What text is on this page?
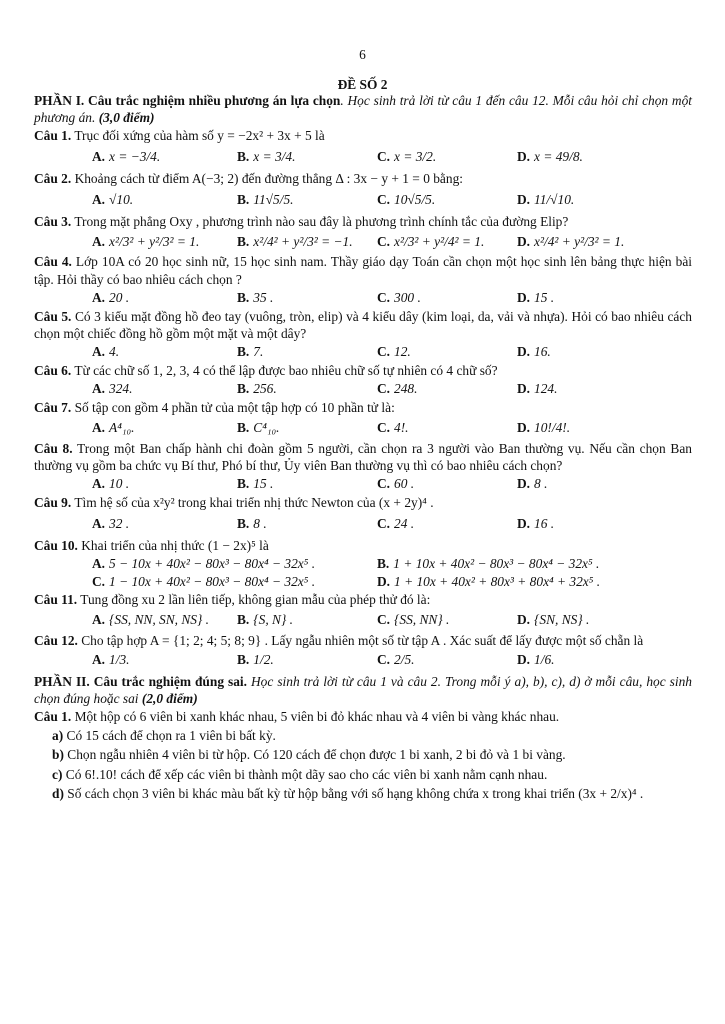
6
ĐỀ SỐ 2

PHẦN I. Câu trắc nghiệm nhiều phương án lựa chọn. Học sinh trả lời từ câu 1 đến câu 12. Mỗi câu hỏi chỉ chọn một phương án. (3,0 điểm)

Câu 1. Trục đối xứng của hàm số y = −2x² + 3x + 5 là

A. x = −3/4.	B. x = 3/4.	C. x = 3/2.	D. x = 49/8.

Câu 2. Khoảng cách từ điểm A(−3; 2) đến đường thẳng Δ : 3x − y + 1 = 0 bằng:

A. √10.	B. 11√5/5.	C. 10√5/5.	D. 11/√10.

Câu 3. Trong mặt phẳng Oxy , phương trình nào sau đây là phương trình chính tắc của đường Elip?

A. x²/3² + y²/3² = 1.	B. x²/4² + y²/3² = −1.	C. x²/3² + y²/4² = 1.	D. x²/4² + y²/3² = 1.

Câu 4. Lớp 10A có 20 học sinh nữ, 15 học sinh nam. Thầy giáo dạy Toán cần chọn một học sinh lên bảng thực hiện bài tập. Hỏi thầy có bao nhiêu cách chọn ?

A. 20 .	B. 35 .	C. 300 .	D. 15 .

Câu 5. Có 3 kiểu mặt đồng hồ đeo tay (vuông, tròn, elip) và 4 kiểu dây (kim loại, da, vải và nhựa). Hỏi có bao nhiêu cách chọn một chiếc đồng hồ gồm một mặt và một dây?

A. 4.	B. 7.	C. 12.	D. 16.

Câu 6. Từ các chữ số 1, 2, 3, 4 có thể lập được bao nhiêu chữ số tự nhiên có 4 chữ số?

A. 324.	B. 256.	C. 248.	D. 124.

Câu 7. Số tập con gồm 4 phần tử của một tập hợp có 10 phần tử là:

A. A⁴₁₀.	B. C⁴₁₀.	C. 4!.	D. 10!/4!.

Câu 8. Trong một Ban chấp hành chi đoàn gồm 5 người, cần chọn ra 3 người vào Ban thường vụ. Nếu cần chọn Ban thường vụ gồm ba chức vụ Bí thư, Phó bí thư, Ủy viên Ban thường vụ thì có bao nhiêu cách chọn?

A. 10 .	B. 15 .	C. 60 .	D. 8 .

Câu 9. Tìm hệ số của x²y² trong khai triển nhị thức Newton của (x + 2y)⁴ .

A. 32 .	B. 8 .	C. 24 .	D. 16 .

Câu 10. Khai triển của nhị thức (1 − 2x)⁵ là

A. 5 − 10x + 40x² − 80x³ − 80x⁴ − 32x⁵ .	B. 1 + 10x + 40x² − 80x³ − 80x⁴ − 32x⁵ .
C. 1 − 10x + 40x² − 80x³ − 80x⁴ − 32x⁵ .	D. 1 + 10x + 40x² + 80x³ + 80x⁴ + 32x⁵ .

Câu 11. Tung đồng xu 2 lần liên tiếp, không gian mẫu của phép thử đó là:

A. {SS, NN, SN, NS} .	B. {S, N} .	C. {SS, NN} .	D. {SN, NS} .

Câu 12. Cho tập hợp A = {1; 2; 4; 5; 8; 9} . Lấy ngẫu nhiên một số từ tập A . Xác suất để lấy được một số chẵn là

A. 1/3.	B. 1/2.	C. 2/5.	D. 1/6.

PHẦN II. Câu trắc nghiệm đúng sai. Học sinh trả lời từ câu 1 và câu 2. Trong mỗi ý a), b), c), d) ở mỗi câu, học sinh chọn đúng hoặc sai (2,0 điểm)

Câu 1. Một hộp có 6 viên bi xanh khác nhau, 5 viên bi đỏ khác nhau và 4 viên bi vàng khác nhau.

a) Có 15 cách để chọn ra 1 viên bi bất kỳ.

b) Chọn ngẫu nhiên 4 viên bi từ hộp. Có 120 cách để chọn được 1 bi xanh, 2 bi đỏ và 1 bi vàng.

c) Có 6!.10! cách để xếp các viên bi thành một dãy sao cho các viên bi xanh nằm cạnh nhau.

d) Số cách chọn 3 viên bi khác màu bất kỳ từ hộp bằng với số hạng không chứa x trong khai triển (3x + 2/x)⁴ .
